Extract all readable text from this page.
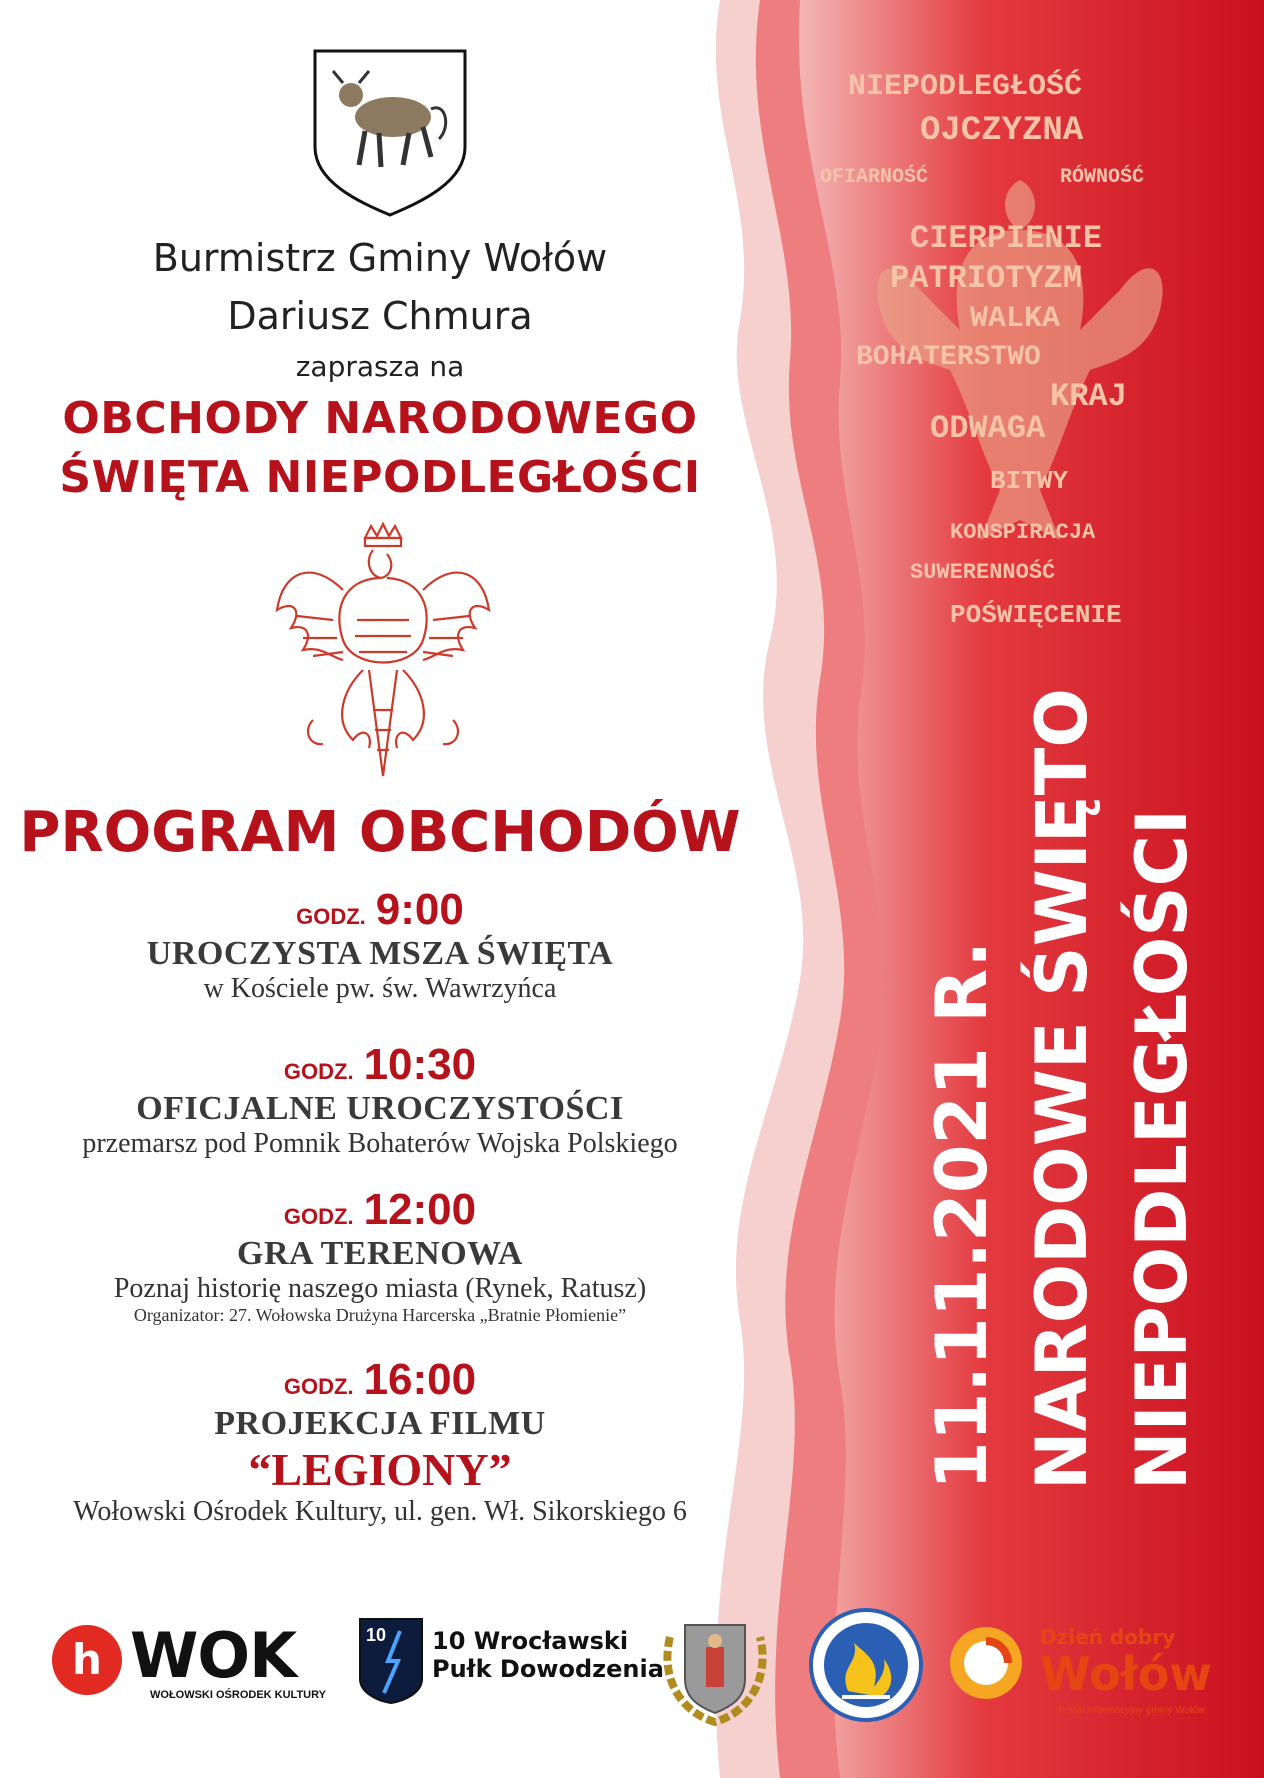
Burmistrz Gminy Wołów
Dariusz Chmura
zaprasza na
OBCHODY NARODOWEGO
ŚWIĘTA NIEPODLEGŁOŚCI
PROGRAM OBCHODÓW
GODZ. 9:00
UROCZYSTA MSZA ŚWIĘTA
w Kościele pw. św. Wawrzyńca
GODZ. 10:30
OFICJALNE UROCZYSTOŚCI
przemarsz pod Pomnik Bohaterów Wojska Polskiego
GODZ. 12:00
GRA TERENOWA
Poznaj historię naszego miasta (Rynek, Ratusz)
Organizator: 27. Wołowska Drużyna Harcerska „Bratnie Płomienie”
GODZ. 16:00
PROJEKCJA FILMU
“LEGIONY”
Wołowski Ośrodek Kultury, ul. gen. Wł. Sikorskiego 6
NIEPODLEGŁOŚĆ
OJCZYZNA
OFIARNOŚĆ	RÓWNOŚĆ
CIERPIENIE
PATRIOTYZM
WALKA
BOHATERSTWO
KRAJ
ODWAGA
BITWY
KONSPIRACJA
SUWERENNOŚĆ
POŚWIĘCENIE
11.11.2021 R. NARODOWE ŚWIĘTO NIEPODLEGŁOŚCI
h WOK
WOŁOWSKI OŚRODEK KULTURY
10 10 Wrocławski
Pułk Dowodzenia
Dzień dobry
Wołów
Portal informacyjny gminy Wołów
